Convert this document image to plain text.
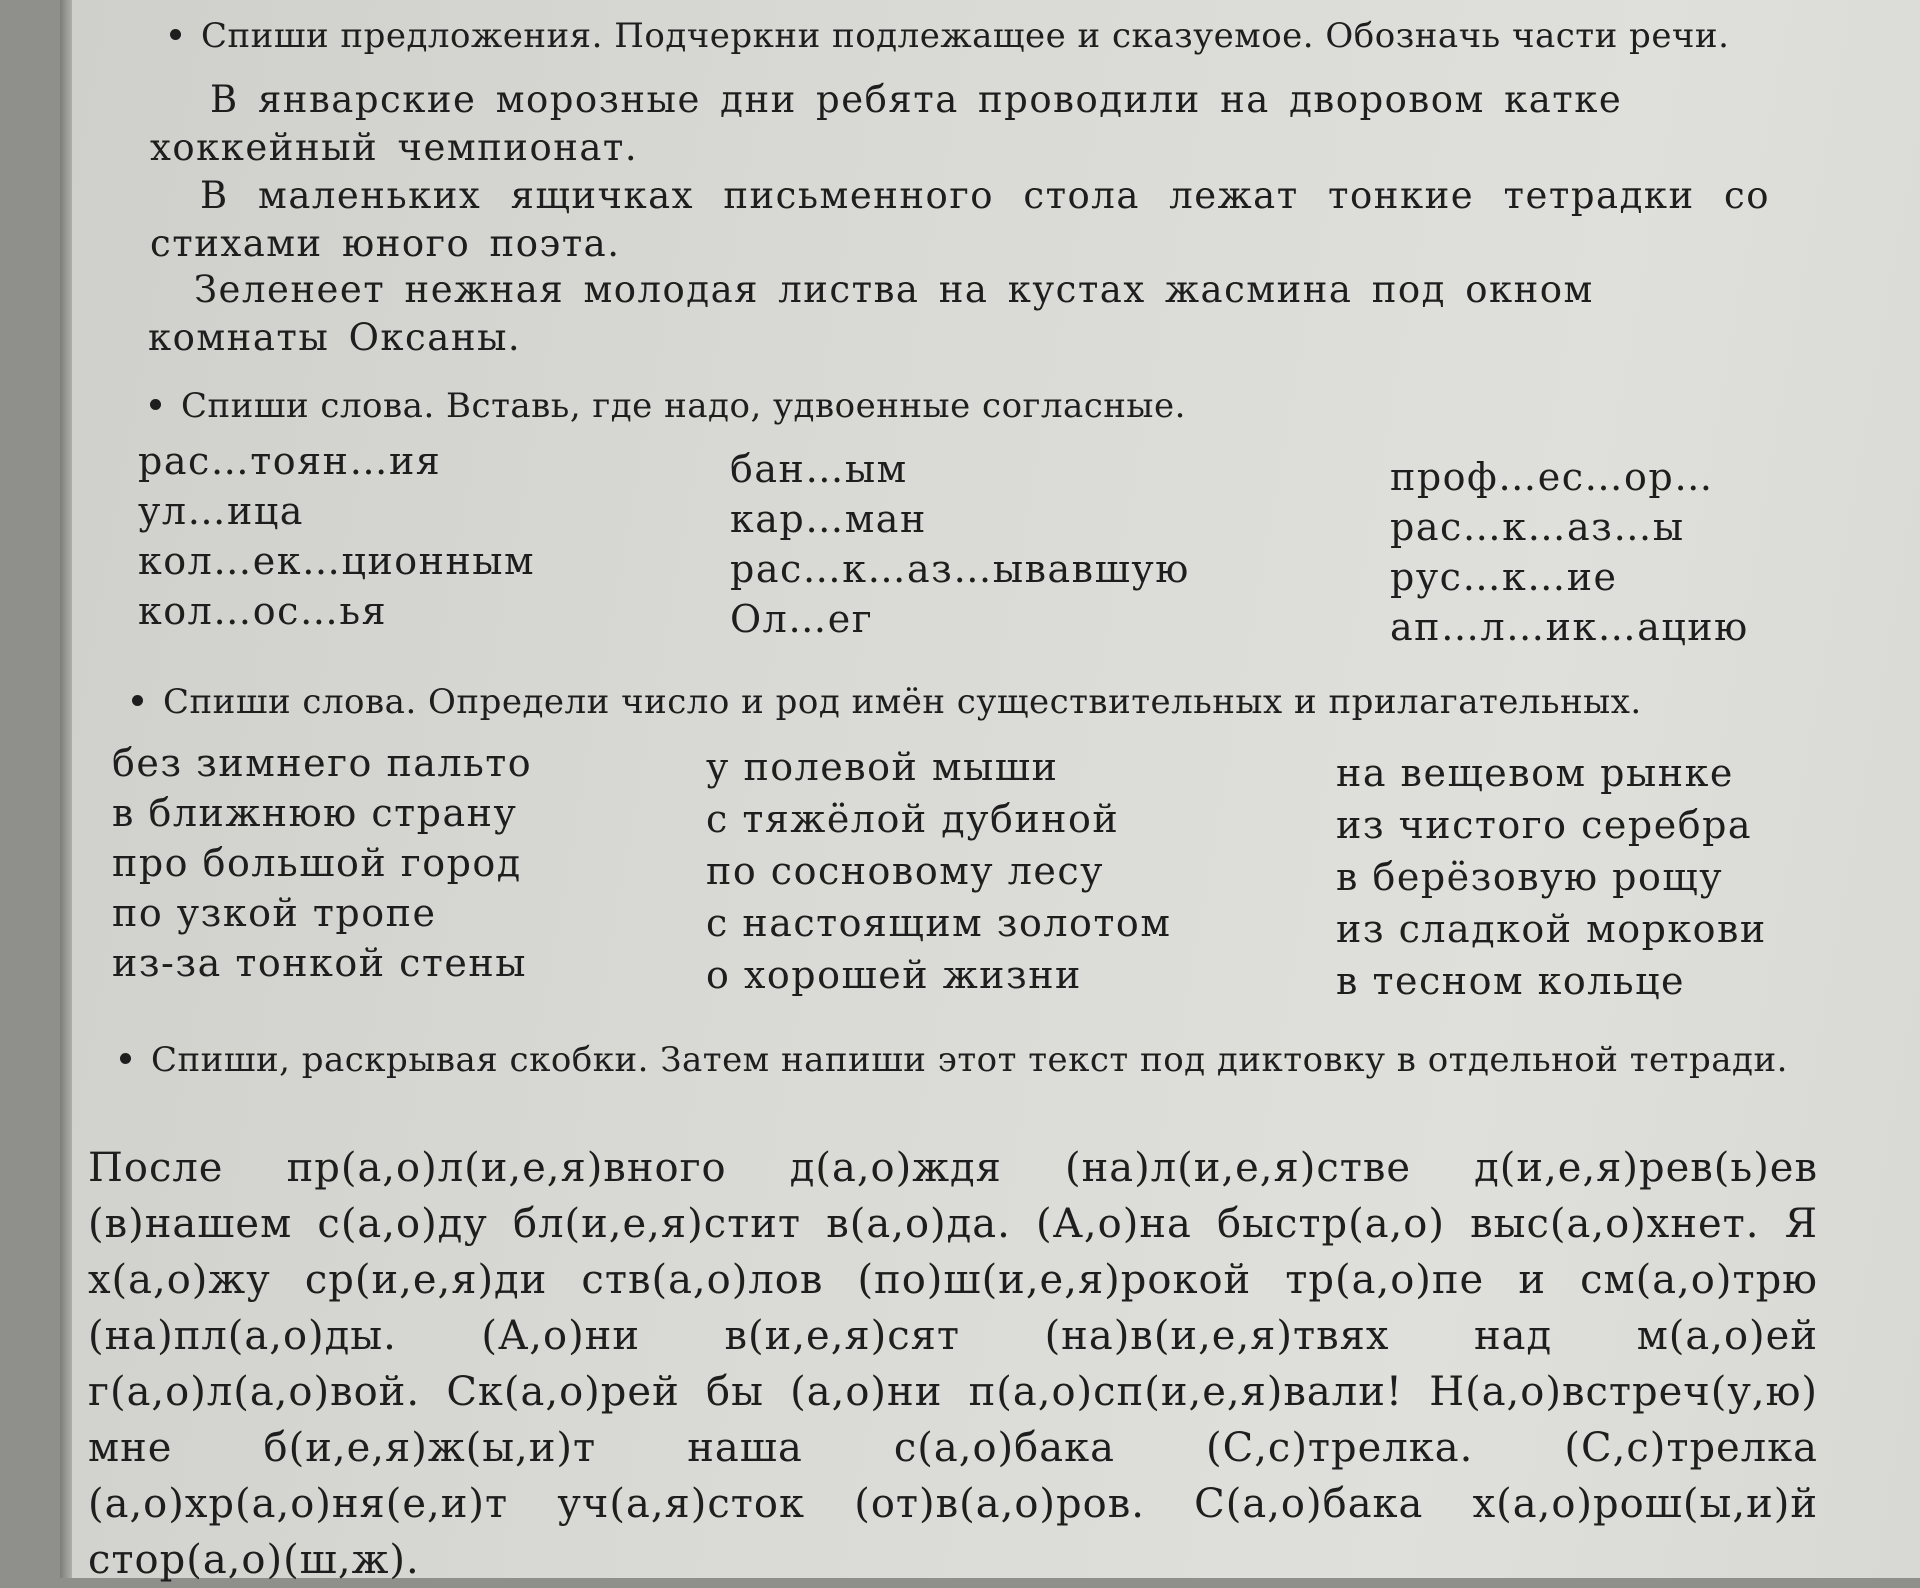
Спиши предложения. Подчеркни подлежащее и сказуемое. Обозначь части речи.
В январские морозные дни ребята проводили на дворовом катке хоккейный чемпионат.
В маленьких ящичках письменного стола лежат тонкие тетрадки со стихами юного поэта.
Зеленеет нежная молодая листва на кустах жасмина под окном комнаты Оксаны.
Спиши слова. Вставь, где надо, удвоенные согласные.
рас…тоян…ия
ул…ица
кол…ек…ционным
кол…ос…ья
бан…ым
кар…ман
рас…к…аз…ывавшую
Ол…ег
проф…ес…ор…
рас…к…аз…ы
рус…к…ие
ап…л…ик…ацию
Спиши слова. Определи число и род имён существительных и прилагательных.
без зимнего пальто
в ближнюю страну
про большой город
по узкой тропе
из-за тонкой стены
у полевой мыши
с тяжёлой дубиной
по сосновому лесу
с настоящим золотом
о хорошей жизни
на вещевом рынке
из чистого серебра
в берёзовую рощу
из сладкой моркови
в тесном кольце
Спиши, раскрывая скобки. Затем напиши этот текст под диктовку в отдельной тетради.
После пр(а,о)л(и,е,я)вного д(а,о)ждя (на)л(и,е,я)стве д(и,е,я)рев(ь)ев (в)нашем с(а,о)ду бл(и,е,я)стит в(а,о)да. (А,о)на быстр(а,о) выс(а,о)хнет. Я х(а,о)жу ср(и,е,я)ди ств(а,о)лов (по)ш(и,е,я)рокой тр(а,о)пе и см(а,о)трю (на)пл(а,о)ды. (А,о)ни в(и,е,я)сят (на)в(и,е,я)твях над м(а,о)ей г(а,о)л(а,о)вой. Ск(а,о)рей бы (а,о)ни п(а,о)сп(и,е,я)вали! Н(а,о)встреч(у,ю) мне б(и,е,я)ж(ы,и)т наша с(а,о)бака (С,с)трелка. (С,с)трелка (а,о)хр(а,о)ня(е,и)т уч(а,я)сток (от)в(а,о)ров. С(а,о)бака х(а,о)рош(ы,и)й стор(а,о)(ш,ж).
